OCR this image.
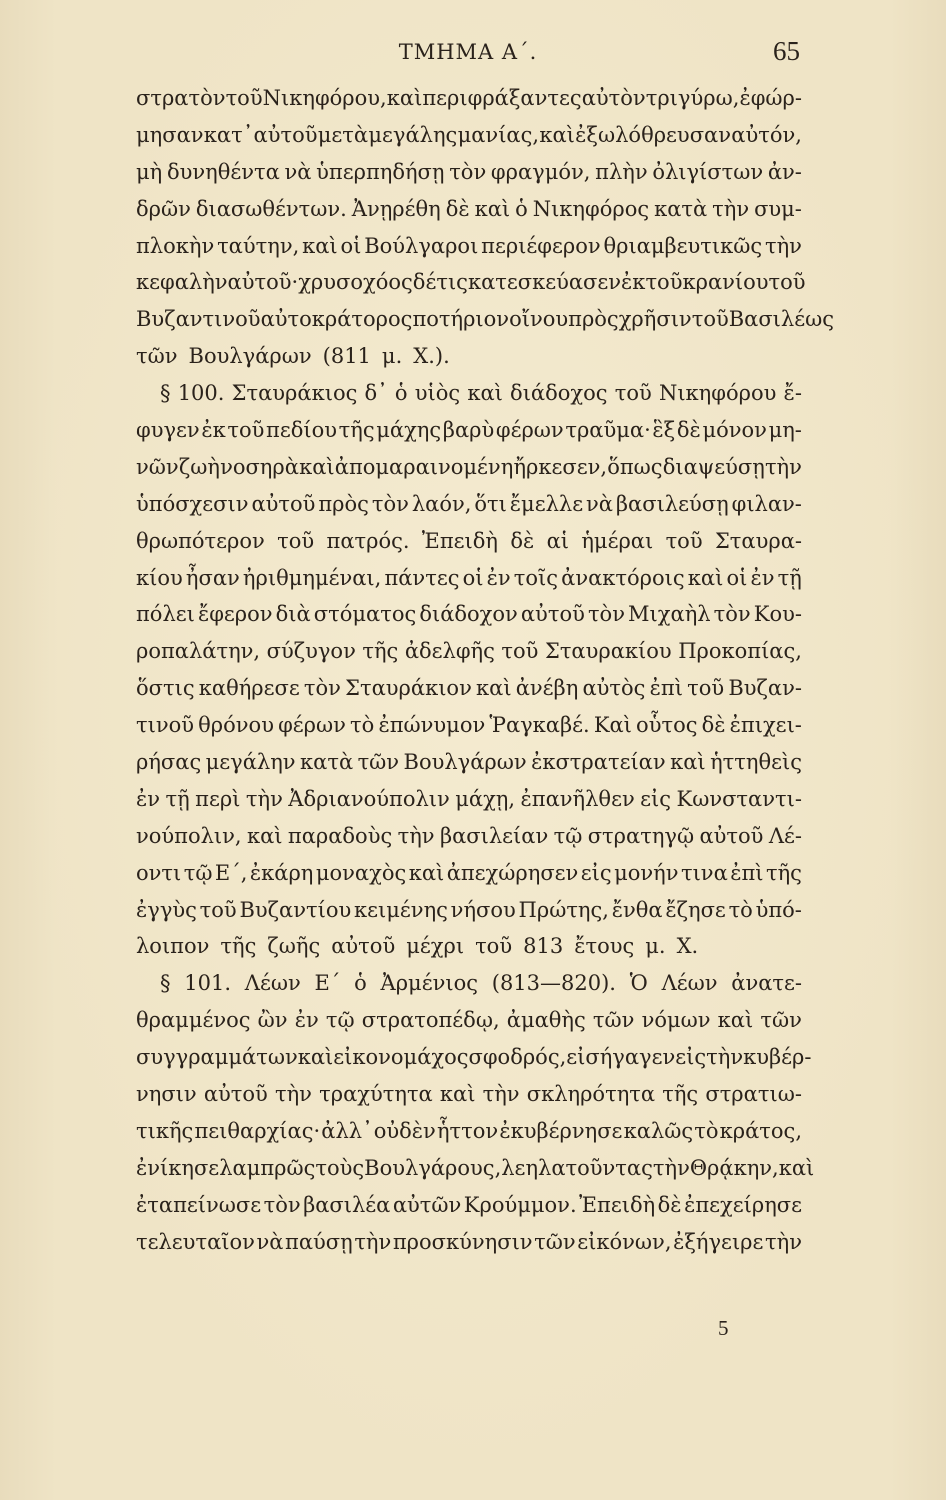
ΤΜΗΜΑ Α΄.	65
στρατὸν τοῦ Νικηφόρου, καὶ περιφράξαντες αὐτὸν τριγύρω, ἐφώρ-
μησαν κατ᾽ αὐτοῦ μετὰ μεγάλης μανίας, καὶ ἐξωλόθρευσαν αὐτόν,
μὴ δυνηθέντα νὰ ὑπερπηδήσῃ τὸν φραγμόν, πλὴν ὀλιγίστων ἀν-
δρῶν διασωθέντων. Ἀνῃρέθη δὲ καὶ ὁ Νικηφόρος κατὰ τὴν συμ-
πλοκὴν ταύτην, καὶ οἱ Βούλγαροι περιέφερον θριαμβευτικῶς τὴν
κεφαλὴν αὐτοῦ· χρυσοχόος δέ τις κατεσκεύασεν ἐκ τοῦ κρανίου τοῦ
Βυζαντινοῦ αὐτοκράτορος ποτήριον οἴνου πρὸς χρῆσιν τοῦ Βασιλέως
τῶν Βουλγάρων (811 μ. Χ.).
§ 100. Σταυράκιος δ᾽ ὁ υἱὸς καὶ διάδοχος τοῦ Νικηφόρου ἔ-
φυγεν ἐκ τοῦ πεδίου τῆς μάχης βαρὺ φέρων τραῦμα· ἓξ δὲ μόνον μη-
νῶν ζωὴ νοσηρὰ καὶ ἀπομαραινομένη ἤρκεσεν, ὅπως διαψεύσῃ τὴν
ὑπόσχεσιν αὐτοῦ πρὸς τὸν λαόν, ὅτι ἔμελλε νὰ βασιλεύσῃ φιλαν-
θρωπότερον τοῦ πατρός. Ἐπειδὴ δὲ αἱ ἡμέραι τοῦ Σταυρα-
κίου ἦσαν ἠριθμημέναι, πάντες οἱ ἐν τοῖς ἀνακτόροις καὶ οἱ ἐν τῇ
πόλει ἔφερον διὰ στόματος διάδοχον αὐτοῦ τὸν Μιχαὴλ τὸν Κου-
ροπαλάτην, σύζυγον τῆς ἀδελφῆς τοῦ Σταυρακίου Προκοπίας,
ὅστις καθήρεσε τὸν Σταυράκιον καὶ ἀνέβη αὐτὸς ἐπὶ τοῦ Βυζαν-
τινοῦ θρόνου φέρων τὸ ἐπώνυμον Ῥαγκαβέ. Καὶ οὗτος δὲ ἐπιχει-
ρήσας μεγάλην κατὰ τῶν Βουλγάρων ἐκστρατείαν καὶ ἡττηθεὶς
ἐν τῇ περὶ τὴν Ἀδριανούπολιν μάχῃ, ἐπανῆλθεν εἰς Κωνσταντι-
νούπολιν, καὶ παραδοὺς τὴν βασιλείαν τῷ στρατηγῷ αὐτοῦ Λέ-
οντι τῷ Ε΄, ἐκάρη μοναχὸς καὶ ἀπεχώρησεν εἰς μονήν τινα ἐπὶ τῆς
ἐγγὺς τοῦ Βυζαντίου κειμένης νήσου Πρώτης, ἔνθα ἔζησε τὸ ὑπό-
λοιπον τῆς ζωῆς αὐτοῦ μέχρι τοῦ 813 ἔτους μ. Χ.
§ 101. Λέων Ε΄ ὁ Ἀρμένιος (813—820). Ὁ Λέων ἀνατε-
θραμμένος ὢν ἐν τῷ στρατοπέδῳ, ἀμαθὴς τῶν νόμων καὶ τῶν
συγγραμμάτων καὶ εἰκονομάχος σφοδρός, εἰσήγαγεν εἰς τὴν κυβέρ-
νησιν αὐτοῦ τὴν τραχύτητα καὶ τὴν σκληρότητα τῆς στρατιω-
τικῆς πειθαρχίας· ἀλλ᾽ οὐδὲν ἧττον ἐκυβέρνησε καλῶς τὸ κράτος,
ἐνίκησε λαμπρῶς τοὺς Βουλγάρους, λεηλατοῦντας τὴν Θρᾴκην, καὶ
ἐταπείνωσε τὸν βασιλέα αὐτῶν Κρούμμον. Ἐπειδὴ δὲ ἐπεχείρησε
τελευταῖον νὰ παύσῃ τὴν προσκύνησιν τῶν εἰκόνων, ἐξήγειρε τὴν
5
